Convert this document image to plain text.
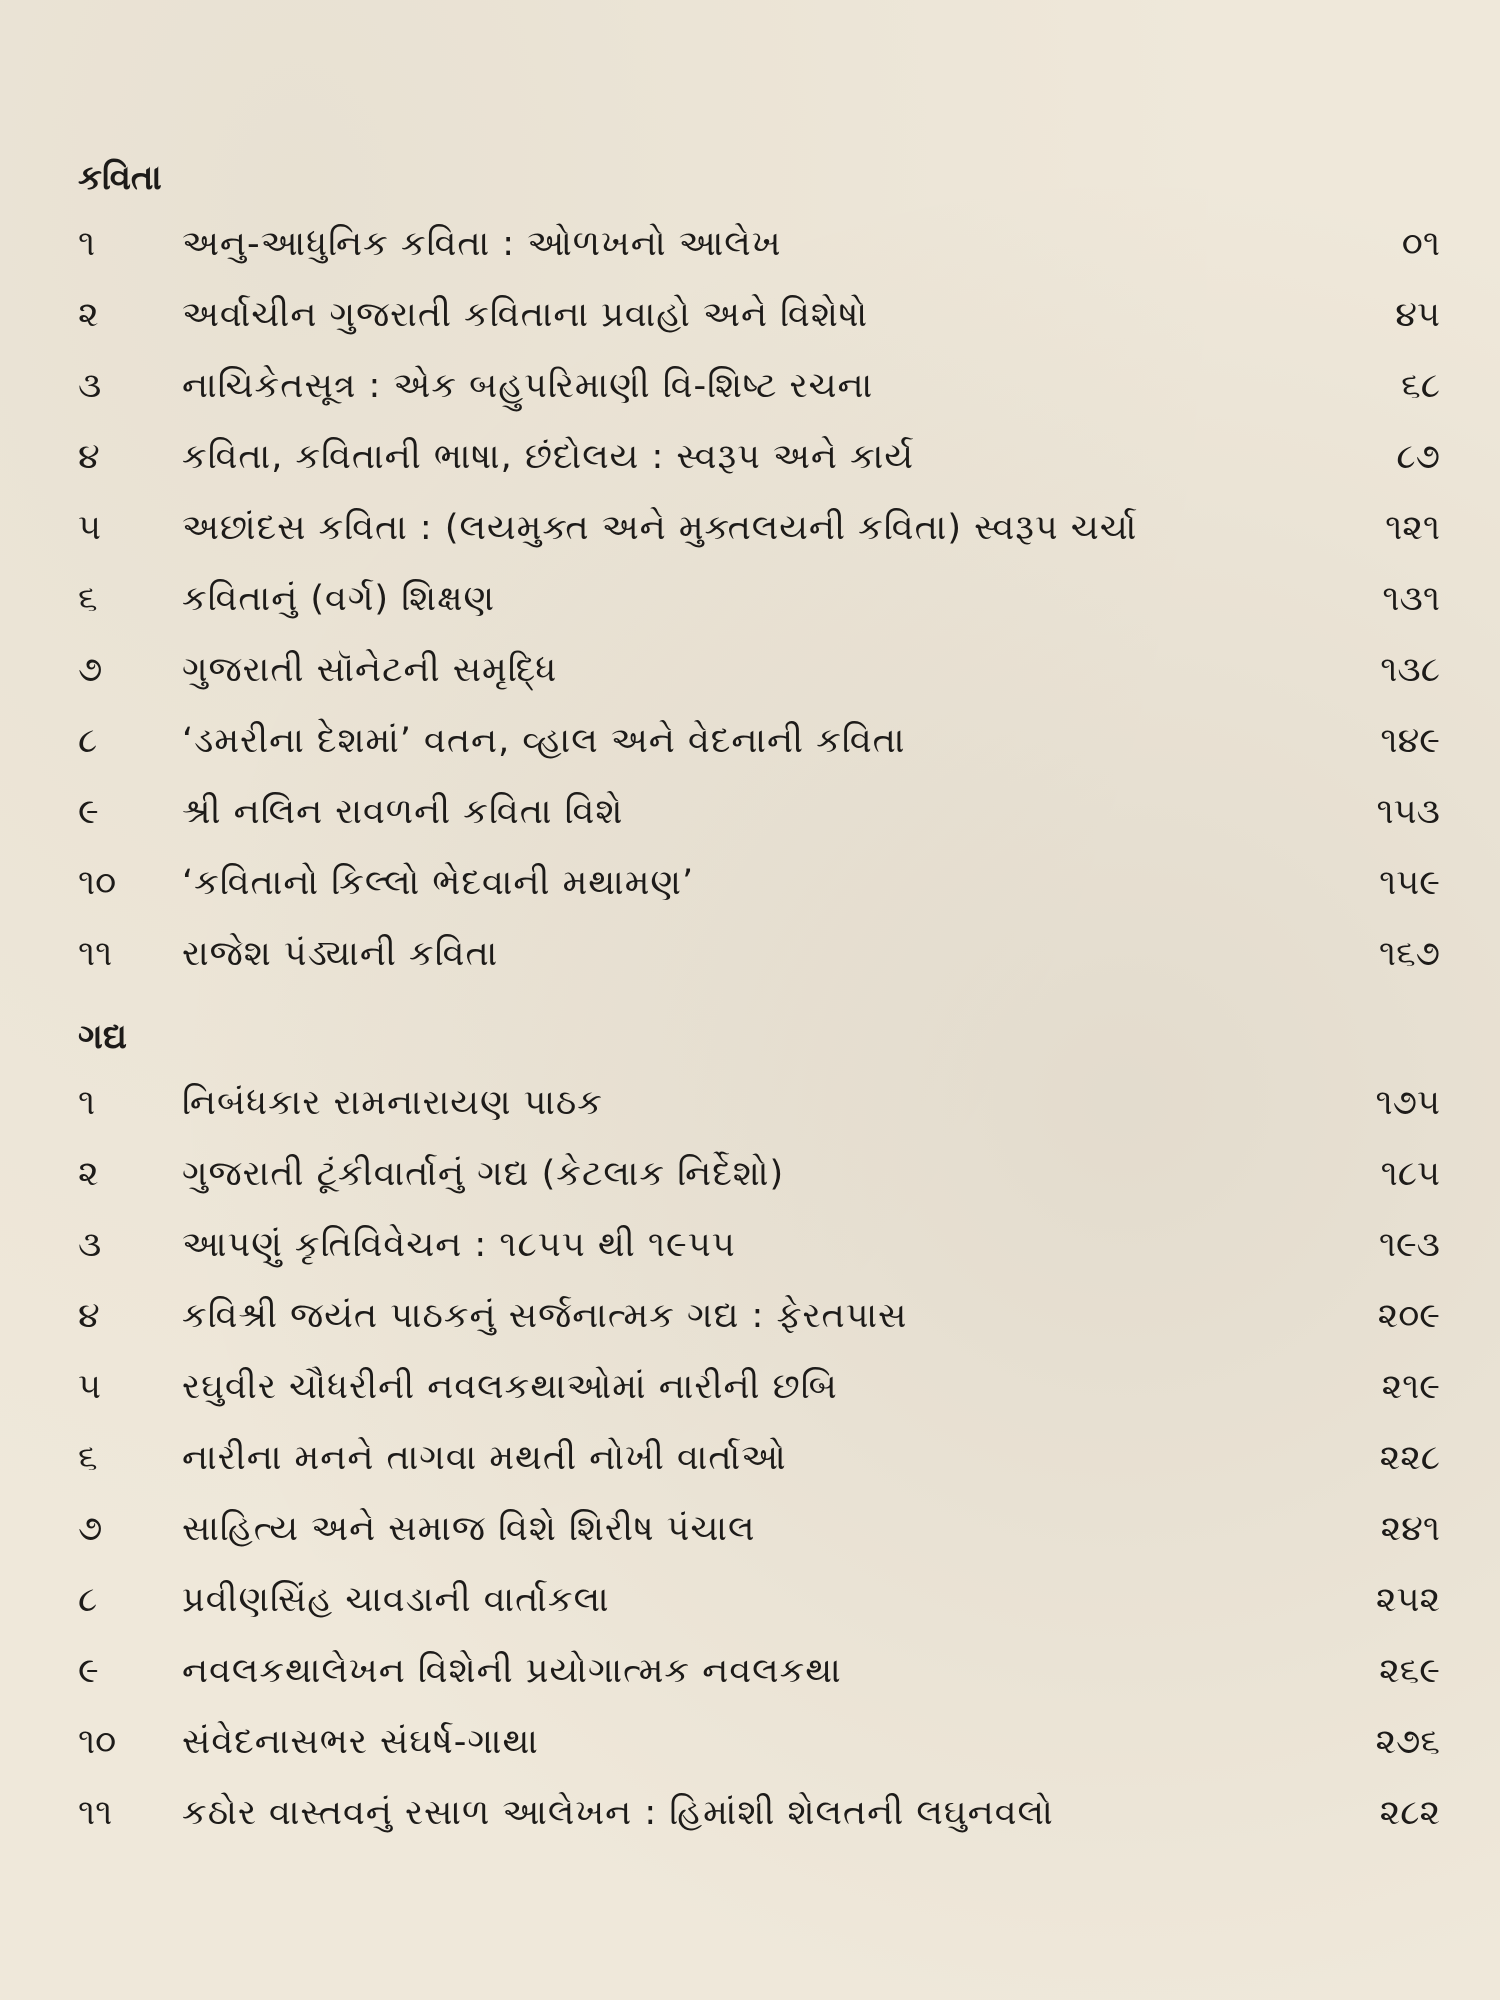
કવિતા
૧	અનુ-આધુનિક કવિતા : ઓળખનો આલેખ	૦૧
૨	અર્વાચીન ગુજરાતી કવિતાના પ્રવાહો અને વિશેષો	૪૫
૩	નાચિકેતસૂત્ર : એક બહુપરિમાણી વિ-શિષ્ટ રચના	૬૮
૪	કવિતા, કવિતાની ભાષા, છંદોલય : સ્વરૂપ અને કાર્ય	૮૭
૫	અછાંદસ કવિતા : (લયમુક્ત અને મુક્તલયની કવિતા) સ્વરૂપ ચર્ચા	૧૨૧
૬	કવિતાનું (વર્ગ) શિક્ષણ	૧૩૧
૭	ગુજરાતી સૉનેટની સમૃદ્ધિ	૧૩૮
૮	‘ડમરીના દેશમાં’ વતન, વ્હાલ અને વેદનાની કવિતા	૧૪૯
૯	શ્રી નલિન રાવળની કવિતા વિશે	૧૫૩
૧૦	‘કવિતાનો કિલ્લો ભેદવાની મથામણ’	૧૫૯
૧૧	રાજેશ પંડ્યાની કવિતા	૧૬૭
ગદ્ય
૧	નિબંધકાર રામનારાયણ પાઠક	૧૭૫
૨	ગુજરાતી ટૂંકીવાર્તાનું ગદ્ય (કેટલાક નિર્દેશો)	૧૮૫
૩	આપણું કૃતિવિવેચન : ૧૮૫૫ થી ૧૯૫૫	૧૯૩
૪	કવિશ્રી જયંત પાઠકનું સર્જનાત્મક ગદ્ય : ફેરતપાસ	૨૦૯
૫	રઘુવીર ચૌધરીની નવલકથાઓમાં નારીની છબિ	૨૧૯
૬	નારીના મનને તાગવા મથતી નોખી વાર્તાઓ	૨૨૮
૭	સાહિત્ય અને સમાજ વિશે શિરીષ પંચાલ	૨૪૧
૮	પ્રવીણસિંહ ચાવડાની વાર્તાકલા	૨૫૨
૯	નવલકથાલેખન વિશેની પ્રયોગાત્મક નવલકથા	૨૬૯
૧૦	સંવેદનાસભર સંઘર્ષ-ગાથા	૨૭૬
૧૧	કઠોર વાસ્તવનું રસાળ આલેખન : હિમાંશી શેલતની લઘુનવલો	૨૮૨
